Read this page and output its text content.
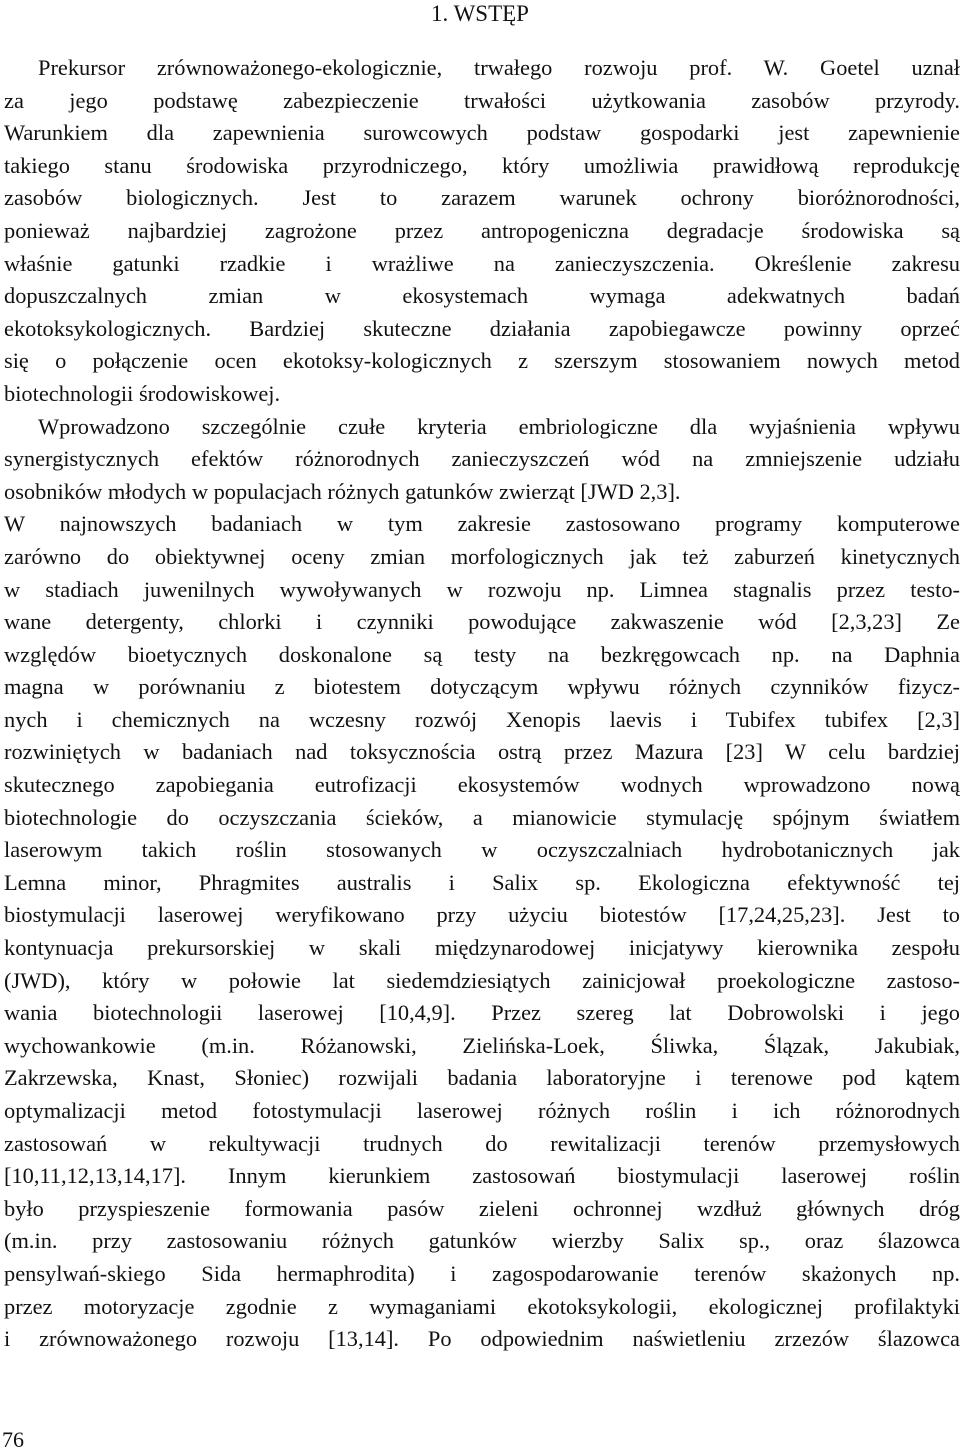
1. WSTĘP
Prekursor zrównoważonego-ekologicznie, trwałego rozwoju prof. W. Goetel uznał
za jego podstawę zabezpieczenie trwałości użytkowania zasobów przyrody.
Warunkiem dla zapewnienia surowcowych podstaw gospodarki jest zapewnienie
takiego stanu środowiska przyrodniczego, który umożliwia prawidłową reprodukcję
zasobów biologicznych. Jest to zarazem warunek ochrony bioróżnorodności,
ponieważ najbardziej zagrożone przez antropogeniczna degradacje środowiska są
właśnie gatunki rzadkie i wrażliwe na zanieczyszczenia. Określenie zakresu
dopuszczalnych zmian w ekosystemach wymaga adekwatnych badań
ekotoksykologicznych. Bardziej skuteczne działania zapobiegawcze powinny oprzeć
się o połączenie ocen ekotoksy-kologicznych z szerszym stosowaniem nowych metod
biotechnologii środowiskowej.
Wprowadzono szczególnie czułe kryteria embriologiczne dla wyjaśnienia wpływu
synergistycznych efektów różnorodnych zanieczyszczeń wód na zmniejszenie udziału
osobników młodych w populacjach różnych gatunków zwierząt [JWD 2,3].
W najnowszych badaniach w tym zakresie zastosowano programy komputerowe
zarówno do obiektywnej oceny zmian morfologicznych jak też zaburzeń kinetycznych
w stadiach juwenilnych wywoływanych w rozwoju np. Limnea stagnalis przez testo-
wane detergenty, chlorki i czynniki powodujące zakwaszenie wód [2,3,23] Ze
względów bioetycznych doskonalone są testy na bezkręgowcach np. na Daphnia
magna w porównaniu z biotestem dotyczącym wpływu różnych czynników fizycz-
nych i chemicznych na wczesny rozwój Xenopis laevis i Tubifex tubifex [2,3]
rozwiniętych w badaniach nad toksycznościa ostrą przez Mazura [23] W celu bardziej
skutecznego zapobiegania eutrofizacji ekosystemów wodnych wprowadzono nową
biotechnologie do oczyszczania ścieków, a mianowicie stymulację spójnym światłem
laserowym takich roślin stosowanych w oczyszczalniach hydrobotanicznych jak
Lemna minor, Phragmites australis i Salix sp. Ekologiczna efektywność tej
biostymulacji laserowej weryfikowano przy użyciu biotestów [17,24,25,23]. Jest to
kontynuacja prekursorskiej w skali międzynarodowej inicjatywy kierownika zespołu
(JWD), który w połowie lat siedemdziesiątych zainicjował proekologiczne zastoso-
wania biotechnologii laserowej [10,4,9]. Przez szereg lat Dobrowolski i jego
wychowankowie (m.in. Różanowski, Zielińska-Loek, Śliwka, Ślązak, Jakubiak,
Zakrzewska, Knast, Słoniec) rozwijali badania laboratoryjne i terenowe pod kątem
optymalizacji metod fotostymulacji laserowej różnych roślin i ich różnorodnych
zastosowań w rekultywacji trudnych do rewitalizacji terenów przemysłowych
[10,11,12,13,14,17]. Innym kierunkiem zastosowań biostymulacji laserowej roślin
było przyspieszenie formowania pasów zieleni ochronnej wzdłuż głównych dróg
(m.in. przy zastosowaniu różnych gatunków wierzby Salix sp., oraz ślazowca
pensylwań-skiego Sida hermaphrodita) i zagospodarowanie terenów skażonych np.
przez motoryzacje zgodnie z wymaganiami ekotoksykologii, ekologicznej profilaktyki
i zrównoważonego rozwoju [13,14]. Po odpowiednim naświetleniu zrzezów ślazowca
76
